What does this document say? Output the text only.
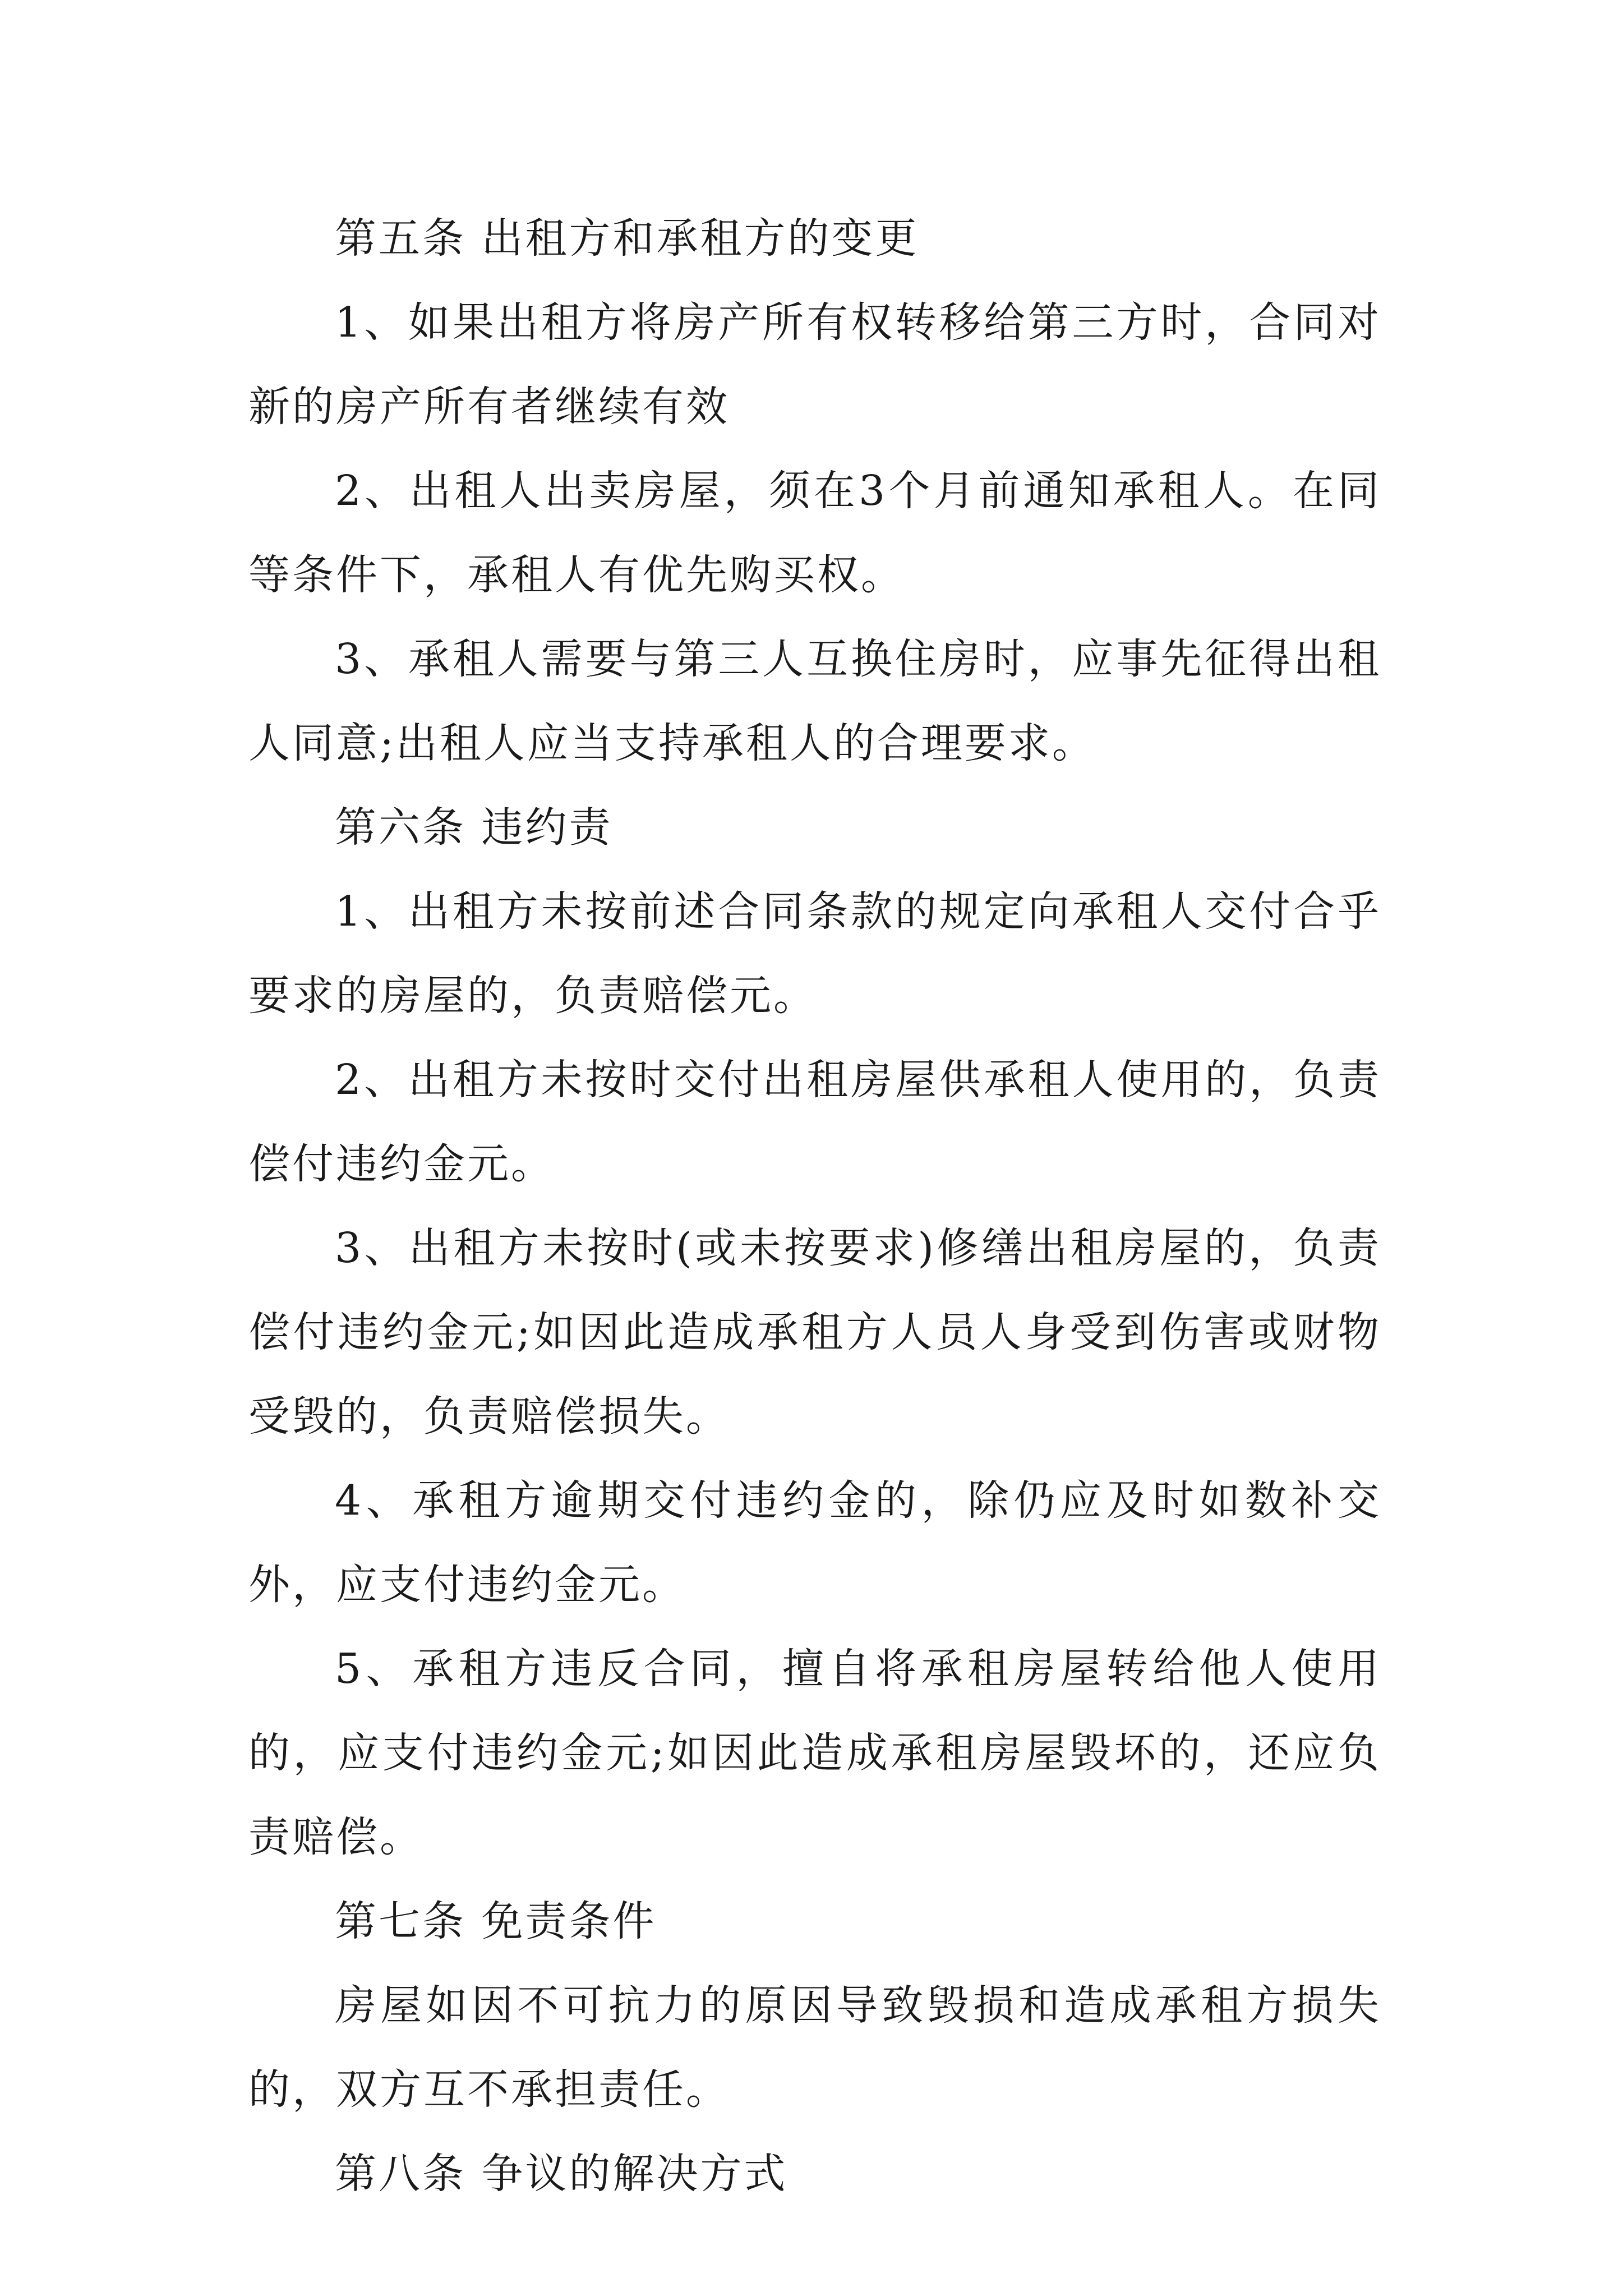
第五条 出租方和承租方的变更

1、如果出租方将房产所有权转移给第三方时，合同对新的房产所有者继续有效

2、出租人出卖房屋，须在3个月前通知承租人。在同等条件下，承租人有优先购买权。

3、承租人需要与第三人互换住房时，应事先征得出租人同意;出租人应当支持承租人的合理要求。

第六条 违约责

1、出租方未按前述合同条款的规定向承租人交付合乎要求的房屋的，负责赔偿元。

2、出租方未按时交付出租房屋供承租人使用的，负责偿付违约金元。

3、出租方未按时(或未按要求)修缮出租房屋的，负责偿付违约金元;如因此造成承租方人员人身受到伤害或财物受毁的，负责赔偿损失。

4、承租方逾期交付违约金的，除仍应及时如数补交外，应支付违约金元。

5、承租方违反合同，擅自将承租房屋转给他人使用的，应支付违约金元;如因此造成承租房屋毁坏的，还应负责赔偿。

第七条 免责条件

房屋如因不可抗力的原因导致毁损和造成承租方损失的，双方互不承担责任。

第八条 争议的解决方式
